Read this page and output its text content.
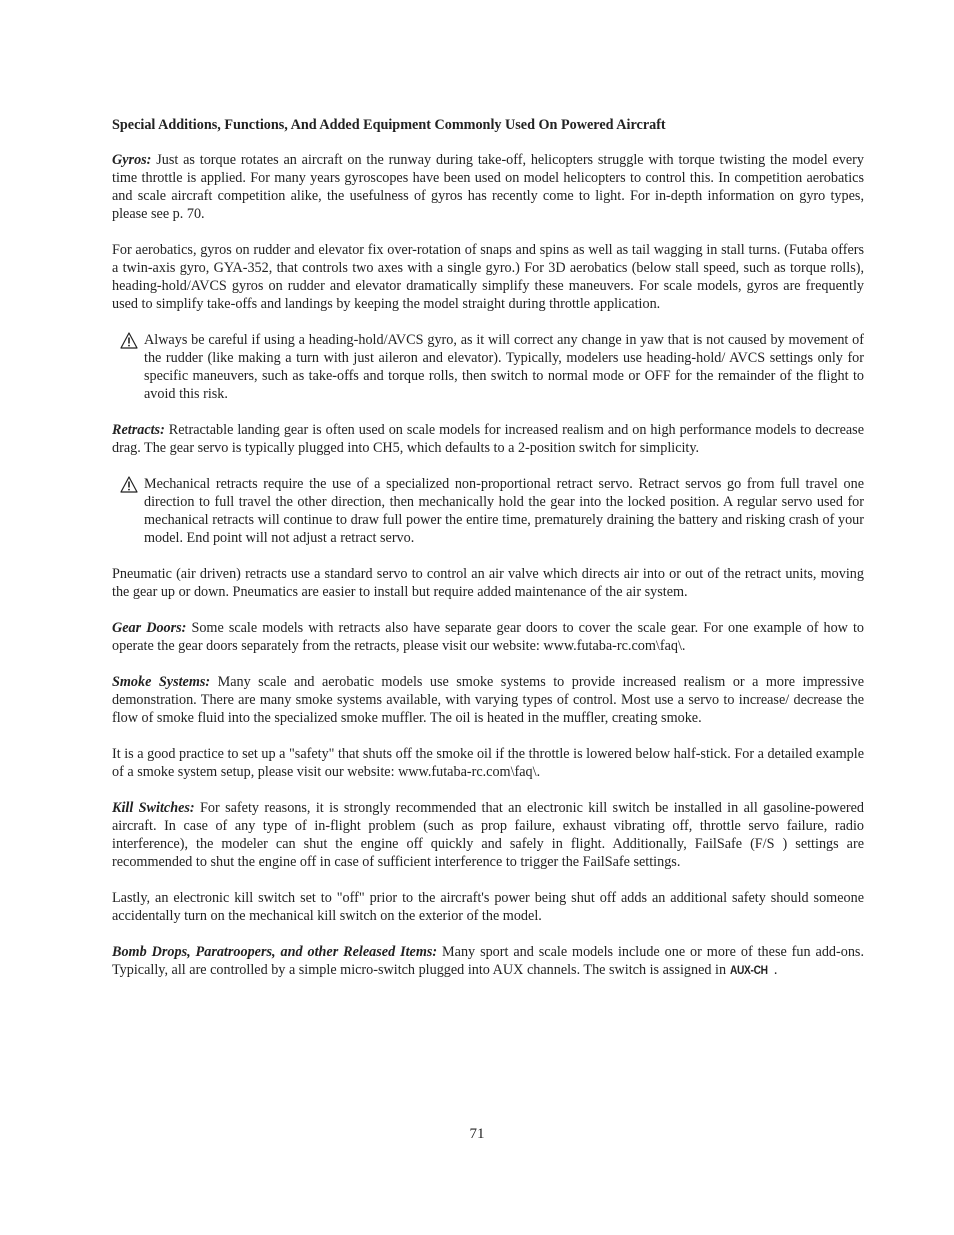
Special Additions, Functions, And Added Equipment Commonly Used On Powered Aircraft

Gyros: Just as torque rotates an aircraft on the runway during take-off, helicopters struggle with torque twisting the model every time throttle is applied. For many years gyroscopes have been used on model helicopters to control this. In competition aerobatics and scale aircraft competition alike, the usefulness of gyros has recently come to light. For in-depth information on gyro types, please see p. 70.

For aerobatics, gyros on rudder and elevator fix over-rotation of snaps and spins as well as tail wagging in stall turns. (Futaba offers a twin-axis gyro, GYA-352, that controls two axes with a single gyro.) For 3D aerobatics (below stall speed, such as torque rolls), heading-hold/AVCS gyros on rudder and elevator dramatically simplify these maneuvers. For scale models, gyros are frequently used to simplify take-offs and landings by keeping the model straight during throttle application.

Always be careful if using a heading-hold/AVCS gyro, as it will correct any change in yaw that is not caused by movement of the rudder (like making a turn with just aileron and elevator). Typically, modelers use heading-hold/ AVCS settings only for specific maneuvers, such as take-offs and torque rolls, then switch to normal mode or OFF for the remainder of the flight to avoid this risk.

Retracts: Retractable landing gear is often used on scale models for increased realism and on high performance models to decrease drag. The gear servo is typically plugged into CH5, which defaults to a 2-position switch for simplicity.

Mechanical retracts require the use of a specialized non-proportional retract servo. Retract servos go from full travel one direction to full travel the other direction, then mechanically hold the gear into the locked position. A regular servo used for mechanical retracts will continue to draw full power the entire time, prematurely draining the battery and risking crash of your model. End point will not adjust a retract servo.

Pneumatic (air driven) retracts use a standard servo to control an air valve which directs air into or out of the retract units, moving the gear up or down. Pneumatics are easier to install but require added maintenance of the air system.

Gear Doors: Some scale models with retracts also have separate gear doors to cover the scale gear. For one example of how to operate the gear doors separately from the retracts, please visit our website: www.futaba-rc.com\faq\.

Smoke Systems: Many scale and aerobatic models use smoke systems to provide increased realism or a more impressive demonstration. There are many smoke systems available, with varying types of control. Most use a servo to increase/ decrease the flow of smoke fluid into the specialized smoke muffler. The oil is heated in the muffler, creating smoke.

It is a good practice to set up a "safety" that shuts off the smoke oil if the throttle is lowered below half-stick. For a detailed example of a smoke system setup, please visit our website: www.futaba-rc.com\faq\.

Kill Switches: For safety reasons, it is strongly recommended that an electronic kill switch be installed in all gasoline-powered aircraft. In case of any type of in-flight problem (such as prop failure, exhaust vibrating off, throttle servo failure, radio interference), the modeler can shut the engine off quickly and safely in flight. Additionally, FailSafe (F/S ) settings are recommended to shut the engine off in case of sufficient interference to trigger the FailSafe settings.

Lastly, an electronic kill switch set to "off" prior to the aircraft's power being shut off adds an additional safety should someone accidentally turn on the mechanical kill switch on the exterior of the model.

Bomb Drops, Paratroopers, and other Released Items: Many sport and scale models include one or more of these fun add-ons. Typically, all are controlled by a simple micro-switch plugged into AUX channels. The switch is assigned in AUX-CH .

71
